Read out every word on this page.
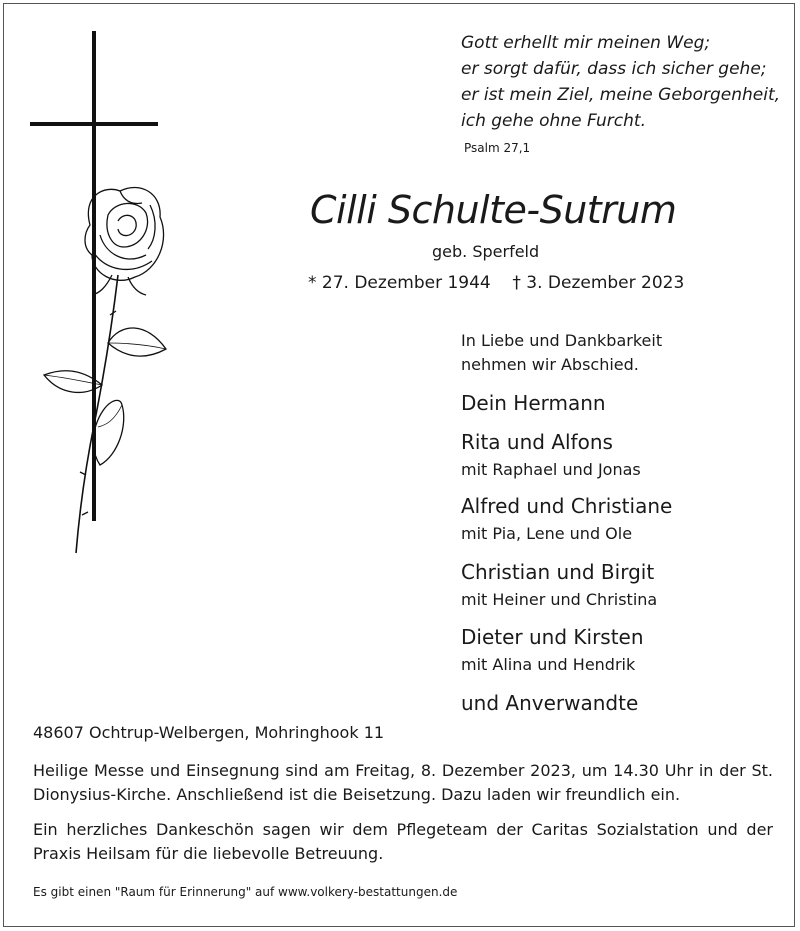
Gott erhellt mir meinen Weg;

er sorgt dafür, dass ich sicher gehe;

er ist mein Ziel, meine Geborgenheit,

ich gehe ohne Furcht.

Psalm 27,1

Cilli Schulte-Sutrum

geb. Sperfeld

* 27. Dezember 1944 † 3. Dezember 2023

In Liebe und Dankbarkeit

nehmen wir Abschied.

Dein Hermann

Rita und Alfons

mit Raphael und Jonas

Alfred und Christiane

mit Pia, Lene und Ole

Christian und Birgit

mit Heiner und Christina

Dieter und Kirsten

mit Alina und Hendrik

und Anverwandte

48607 Ochtrup-Welbergen, Mohringhook 11

Heilige Messe und Einsegnung sind am Freitag, 8. Dezember 2023, um 14.30 Uhr in der St. Dionysius-Kirche. Anschließend ist die Beisetzung. Dazu laden wir freundlich ein.

Ein herzliches Dankeschön sagen wir dem Pflegeteam der Caritas Sozialstation und der Praxis Heilsam für die liebevolle Betreuung.

Es gibt einen "Raum für Erinnerung" auf www.volkery-bestattungen.de
